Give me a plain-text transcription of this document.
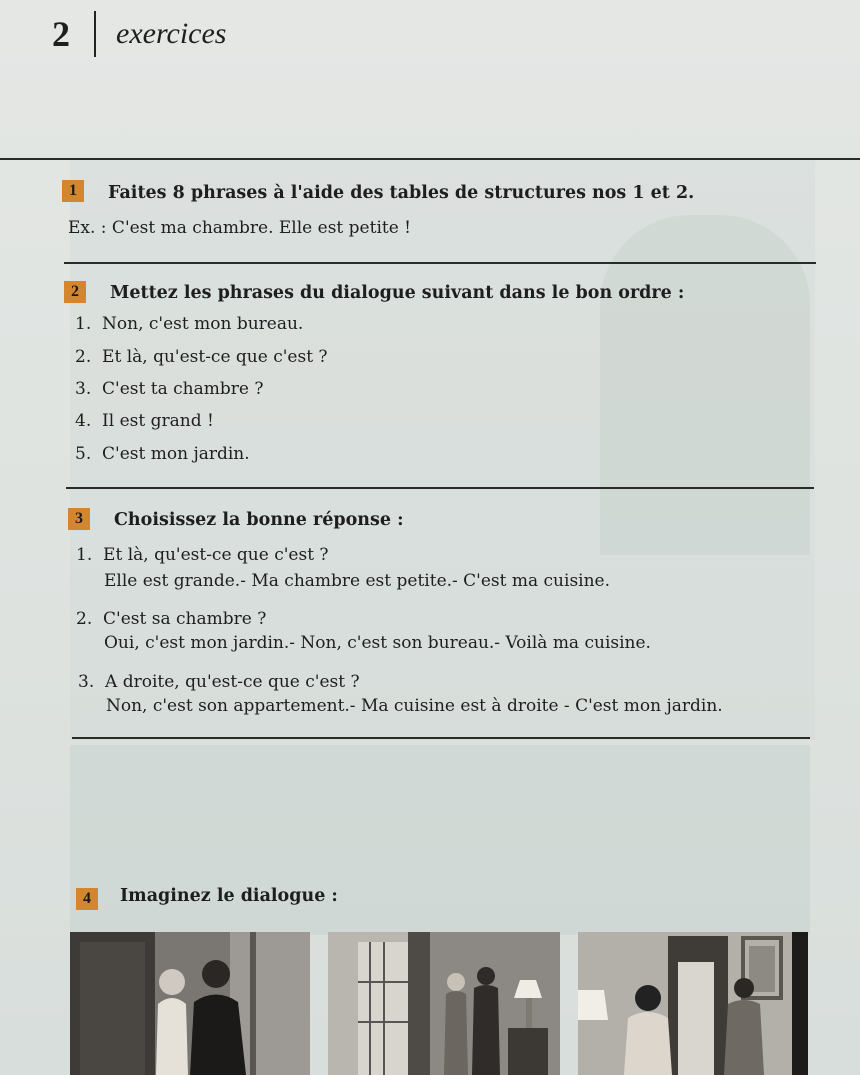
2	exercices
1	Faites 8 phrases à l'aide des tables de structures nos 1 et 2.
Ex. : C'est ma chambre. Elle est petite !
2	Mettez les phrases du dialogue suivant dans le bon ordre :
1. Non, c'est mon bureau.
2. Et là, qu'est-ce que c'est ?
3. C'est ta chambre ?
4. Il est grand !
5. C'est mon jardin.
3	Choisissez la bonne réponse :
1. Et là, qu'est-ce que c'est ?
Elle est grande.- Ma chambre est petite.- C'est ma cuisine.
2. C'est sa chambre ?
Oui, c'est mon jardin.- Non, c'est son bureau.- Voilà ma cuisine.
3. A droite, qu'est-ce que c'est ?
Non, c'est son appartement.- Ma cuisine est à droite - C'est mon jardin.
4	Imaginez le dialogue :
